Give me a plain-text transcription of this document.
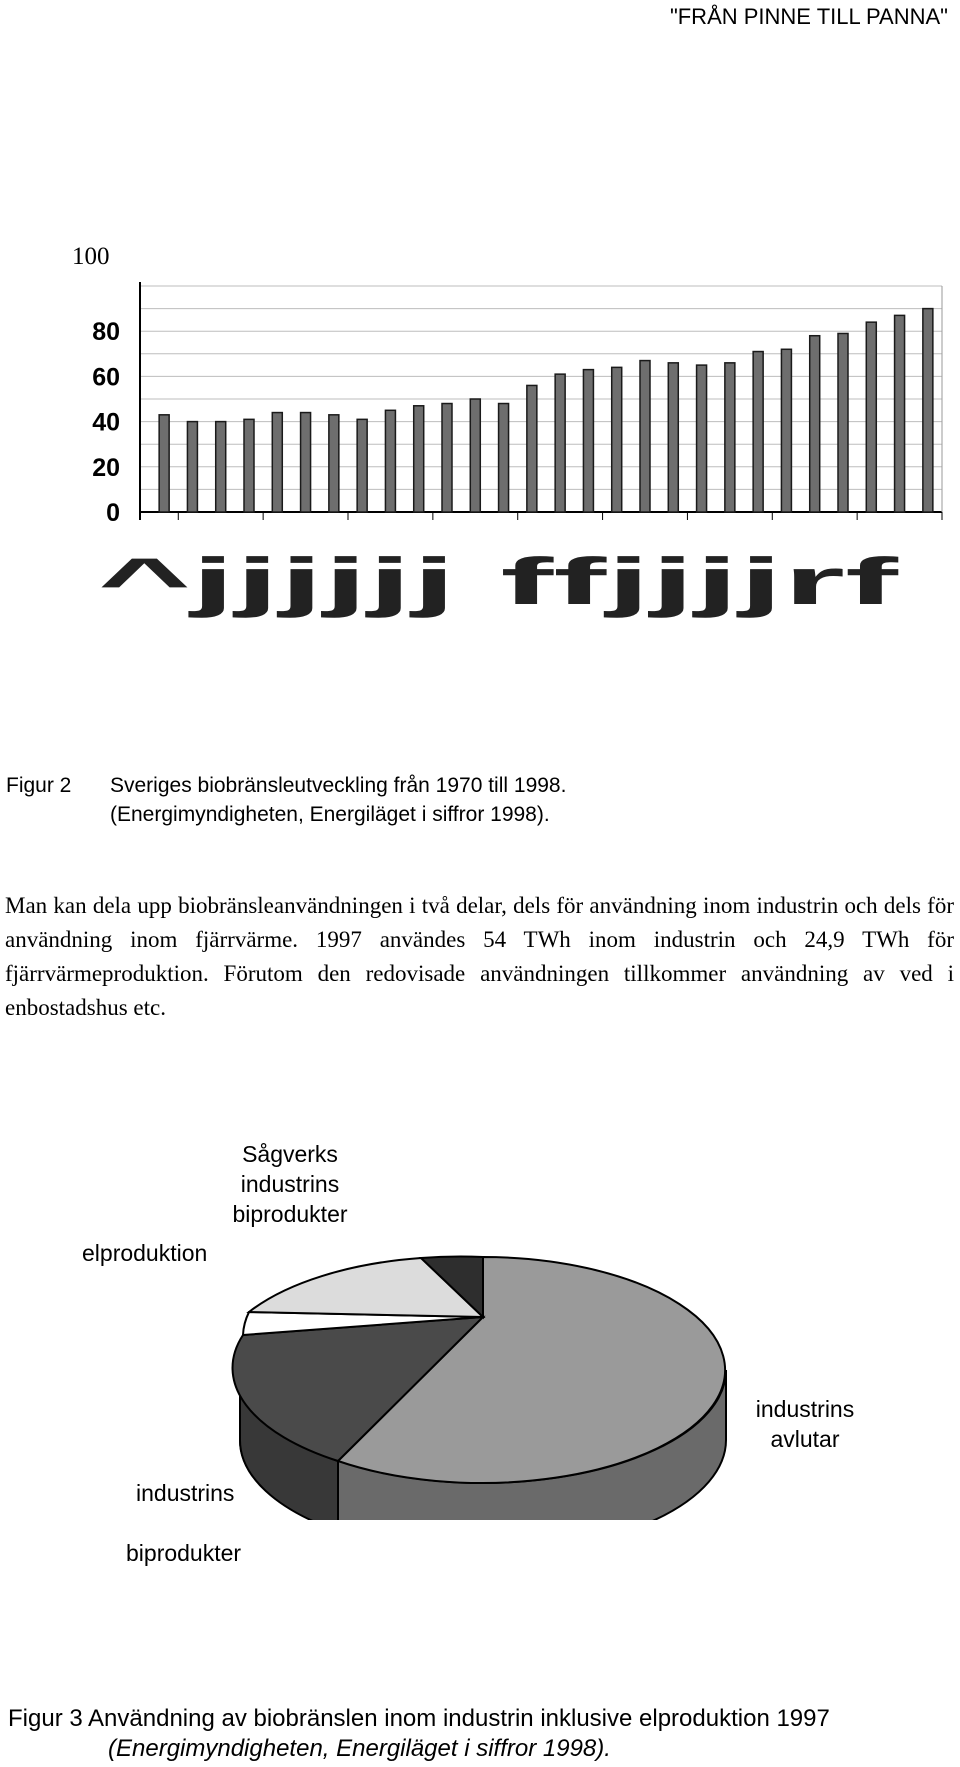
"FRÅN PINNE TILL PANNA"
100
0
20
40
60
80
^jjjjjj ffjjjjrf
Figur 2 Sveriges biobränsleutveckling från 1970 till 1998.
(Energimyndigheten, Energiläget i siffror 1998).
Man kan dela upp biobränsleanvändningen i två delar, dels för användning inom industrin och dels för användning inom fjärrvärme. 1997 användes 54 TWh inom industrin och 24,9 TWh för fjärrvärmeproduktion. Förutom den redovisade användningen tillkommer användning av ved i enbostadshus etc.
Sågverks
industrins
biprodukter
elproduktion
industrins
avlutar
industrins
biprodukter
Figur 3 Användning av biobränslen inom industrin inklusive elproduktion 1997
(Energimyndigheten, Energiläget i siffror 1998).
